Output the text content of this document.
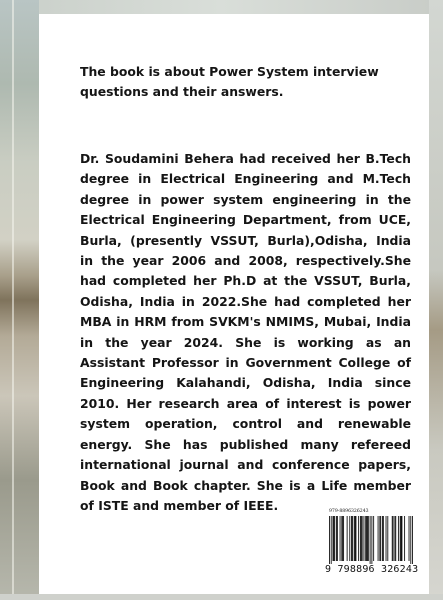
The book is about Power System interview questions and their answers.

Dr. Soudamini Behera had received her B.Tech degree in Electrical Engineering and M.Tech degree in power system engineering in the Electrical Engineering Department, from UCE, Burla, (presently VSSUT, Burla),Odisha, India in the year 2006 and 2008, respectively.She had completed her Ph.D at the VSSUT, Burla, Odisha, India in 2022.She had completed her MBA in HRM from SVKM's NMIMS, Mubai, India in the year 2024. She is working as an Assistant Professor in Government College of Engineering Kalahandi, Odisha, India since 2010. Her research area of interest is power system operation, control and renewable energy. She has published many refereed international journal and conference papers, Book and Book chapter. She is a Life member of ISTE and member of IEEE.	979-8896326243
9 798896 326243
